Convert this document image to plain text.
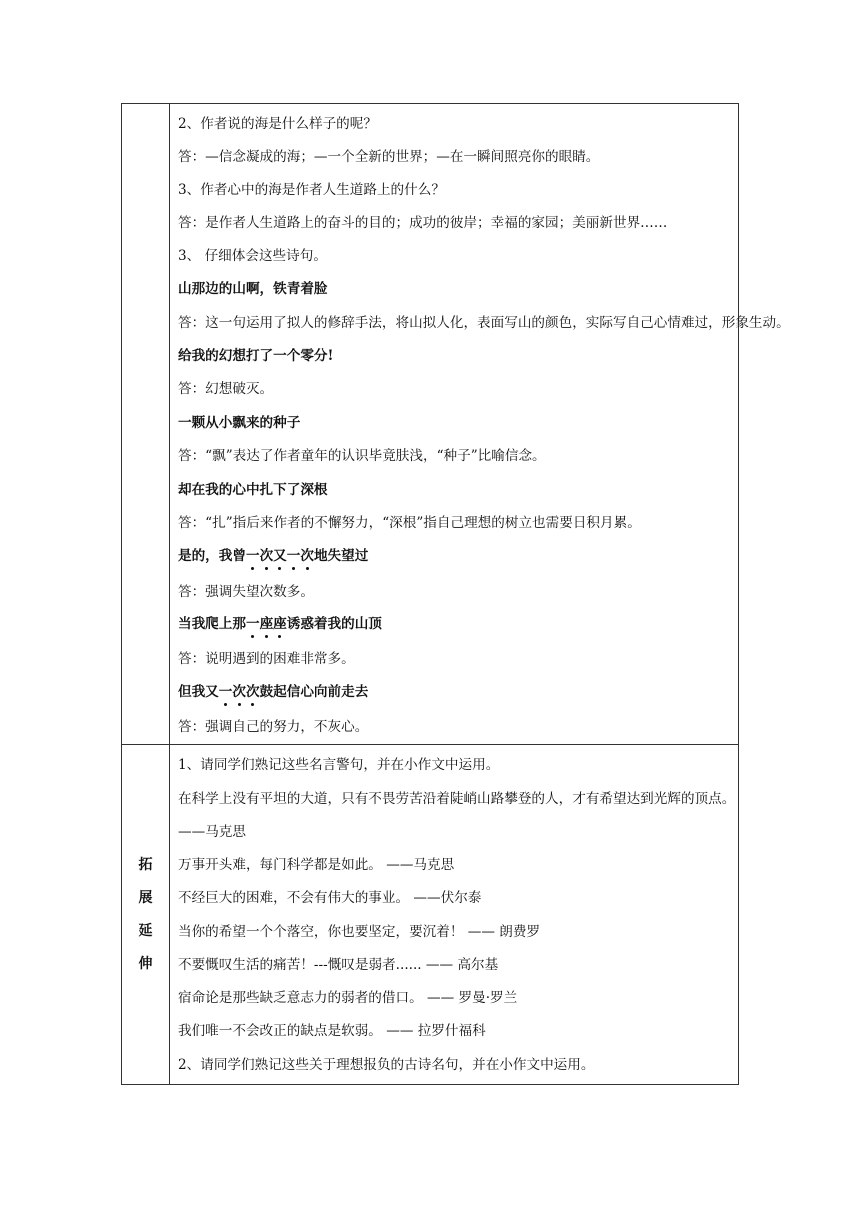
2、作者说的海是什么样子的呢？
答：—信念凝成的海；—一个全新的世界；—在一瞬间照亮你的眼睛。
3、作者心中的海是作者人生道路上的什么？
答：是作者人生道路上的奋斗的目的；成功的彼岸；幸福的家园；美丽新世界……
3、 仔细体会这些诗句。
山那边的山啊，铁青着脸
答：这一句运用了拟人的修辞手法，将山拟人化，表面写山的颜色，实际写自己心情难过，形象生动。
给我的幻想打了一个零分!
答：幻想破灭。
一颗从小飘来的种子
答：“飘”表达了作者童年的认识毕竟肤浅，“种子”比喻信念。
却在我的心中扎下了深根
答：“扎”指后来作者的不懈努力，“深根”指自己理想的树立也需要日积月累。
是的，我曾一次又一次地失望过
答：强调失望次数多。
当我爬上那一座座诱惑着我的山顶
答：说明遇到的困难非常多。
但我又一次次鼓起信心向前走去
答：强调自己的努力，不灰心。
拓
展
延
伸
1、请同学们熟记这些名言警句，并在小作文中运用。
在科学上没有平坦的大道，只有不畏劳苦沿着陡峭山路攀登的人，才有希望达到光辉的顶点。
——马克思
万事开头难，每门科学都是如此。 ——马克思
不经巨大的困难，不会有伟大的事业。 ——伏尔泰
当你的希望一个个落空，你也要坚定，要沉着！ —— 朗费罗
不要慨叹生活的痛苦！---慨叹是弱者...... —— 高尔基
宿命论是那些缺乏意志力的弱者的借口。 —— 罗曼·罗兰
我们唯一不会改正的缺点是软弱。 —— 拉罗什福科
2、请同学们熟记这些关于理想报负的古诗名句，并在小作文中运用。
